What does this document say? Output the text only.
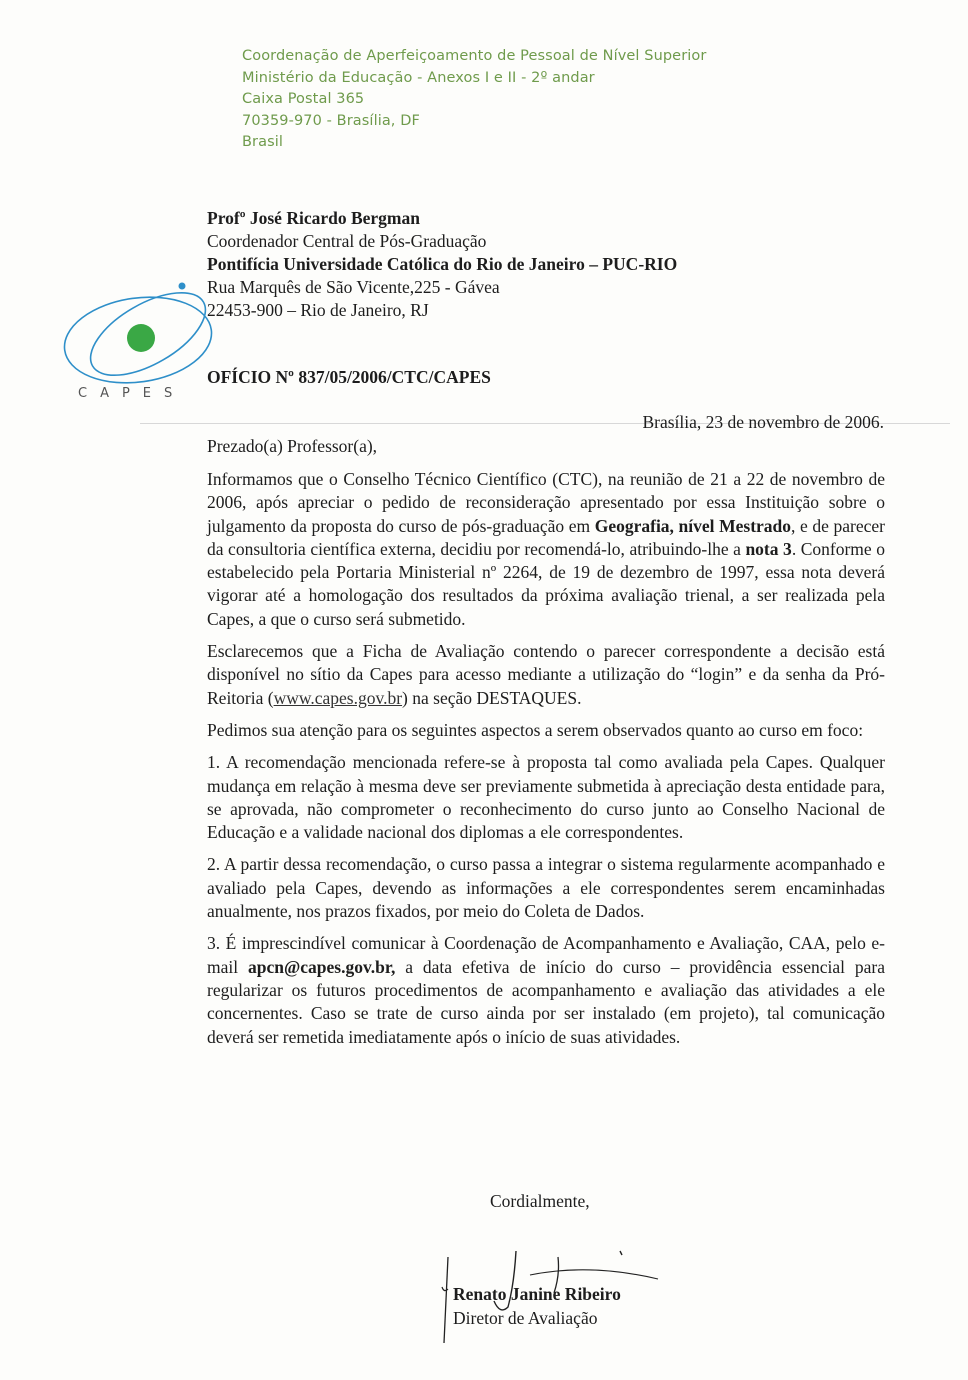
Coordenação de Aperfeiçoamento de Pessoal de Nível Superior
Ministério da Educação - Anexos I e II - 2º andar
Caixa Postal 365
70359-970 - Brasília, DF
Brasil
CAPES
Profº José Ricardo Bergman
Coordenador Central de Pós-Graduação
Pontifícia Universidade Católica do Rio de Janeiro – PUC-RIO
Rua Marquês de São Vicente,225 - Gávea
22453-900 – Rio de Janeiro, RJ
OFÍCIO Nº 837/05/2006/CTC/CAPES
Brasília, 23 de novembro de 2006.
Prezado(a) Professor(a),

Informamos que o Conselho Técnico Científico (CTC), na reunião de 21 a 22 de novembro de 2006, após apreciar o pedido de reconsideração apresentado por essa Instituição sobre o julgamento da proposta do curso de pós-graduação em Geografia, nível Mestrado, e de parecer da consultoria científica externa, decidiu por recomendá-lo, atribuindo-lhe a nota 3. Conforme o estabelecido pela Portaria Ministerial nº 2264, de 19 de dezembro de 1997, essa nota deverá vigorar até a homologação dos resultados da próxima avaliação trienal, a ser realizada pela Capes, a que o curso será submetido.

Esclarecemos que a Ficha de Avaliação contendo o parecer correspondente a decisão está disponível no sítio da Capes para acesso mediante a utilização do “login” e da senha da Pró-Reitoria (www.capes.gov.br) na seção DESTAQUES.

Pedimos sua atenção para os seguintes aspectos a serem observados quanto ao curso em foco:

1. A recomendação mencionada refere-se à proposta tal como avaliada pela Capes. Qualquer mudança em relação à mesma deve ser previamente submetida à apreciação desta entidade para, se aprovada, não comprometer o reconhecimento do curso junto ao Conselho Nacional de Educação e a validade nacional dos diplomas a ele correspondentes.

2. A partir dessa recomendação, o curso passa a integrar o sistema regularmente acompanhado e avaliado pela Capes, devendo as informações a ele correspondentes serem encaminhadas anualmente, nos prazos fixados, por meio do Coleta de Dados.

3. É imprescindível comunicar à Coordenação de Acompanhamento e Avaliação, CAA, pelo e-mail apcn@capes.gov.br, a data efetiva de início do curso – providência essencial para regularizar os futuros procedimentos de acompanhamento e avaliação das atividades a ele concernentes. Caso se trate de curso ainda por ser instalado (em projeto), tal comunicação deverá ser remetida imediatamente após o início de suas atividades.

Cordialmente,
Renato Janine Ribeiro
Diretor de Avaliação
